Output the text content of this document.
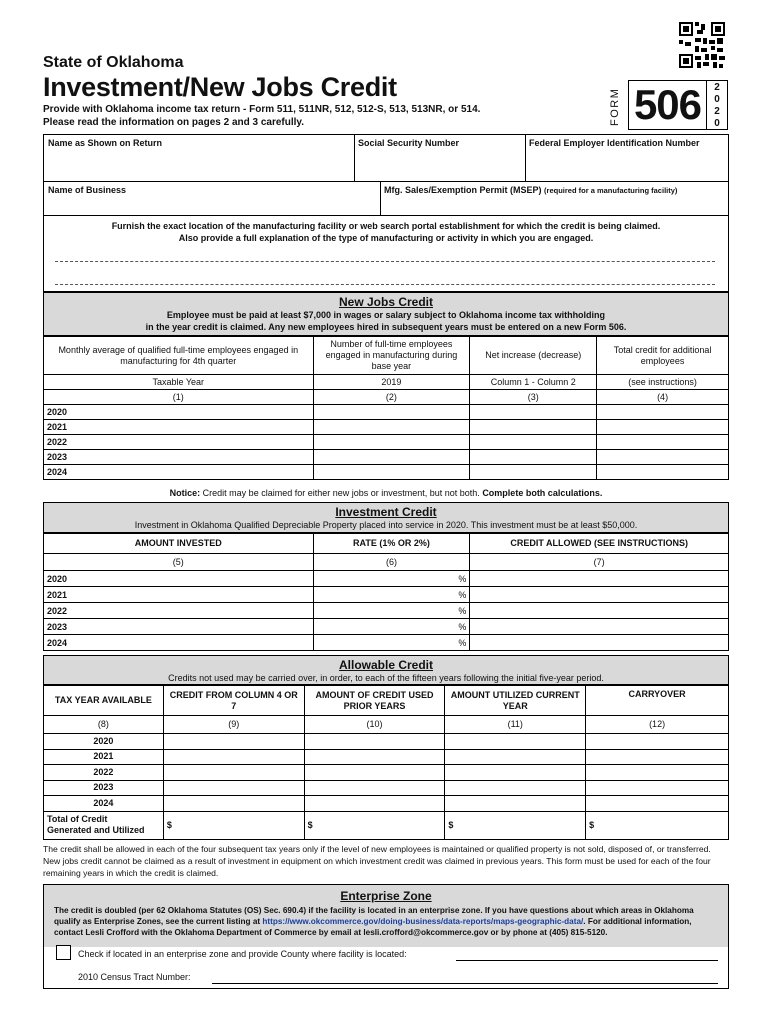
State of Oklahoma
Investment/New Jobs Credit
Provide with Oklahoma income tax return - Form 511, 511NR, 512, 512-S, 513, 513NR, or 514.
Please read the information on pages 2 and 3 carefully.	FORM 506	2
0
2
0
Name as Shown on Return	Social Security Number	Federal Employer Identification Number
Name of Business	Mfg. Sales/Exemption Permit (MSEP) (required for a manufacturing facility)
Furnish the exact location of the manufacturing facility or web search portal establishment for which the credit is being claimed.
Also provide a full explanation of the type of manufacturing or activity in which you are engaged.
New Jobs Credit
Employee must be paid at least $7,000 in wages or salary subject to Oklahoma income tax withholding
in the year credit is claimed. Any new employees hired in subsequent years must be entered on a new Form 506.
Monthly average of qualified full-time employees engaged in manufacturing for 4th quarter	Number of full-time employees engaged in manufacturing during base year	Net increase (decrease)	Total credit for additional employees
Taxable Year	2019	Column 1 - Column 2	(see instructions)
(1)	(2)	(3)	(4)
2020			
2021			
2022			
2023			
2024			
Notice: Credit may be claimed for either new jobs or investment, but not both. Complete both calculations.
Investment Credit
Investment in Oklahoma Qualified Depreciable Property placed into service in 2020. This investment must be at least $50,000.
AMOUNT INVESTED	RATE (1% OR 2%)	CREDIT ALLOWED (SEE INSTRUCTIONS)
(5)	(6)	(7)
2020	%	
2021	%	
2022	%	
2023	%	
2024	%	
Allowable Credit
Credits not used may be carried over, in order, to each of the fifteen years following the initial five-year period.
TAX YEAR AVAILABLE	CREDIT FROM COLUMN 4 OR 7	AMOUNT OF CREDIT USED PRIOR YEARS	AMOUNT UTILIZED CURRENT YEAR	CARRYOVER
(8)	(9)	(10)	(11)	(12)
2020				
2021				
2022				
2023				
2024				

Total of Credit
Generated and Utilized	$	$	$	$
The credit shall be allowed in each of the four subsequent tax years only if the level of new employees is maintained or qualified property is not sold, disposed of, or transferred. New jobs credit cannot be claimed as a result of investment in equipment on which investment credit was claimed in previous years. This form must be used for each of the four remaining years in which the credit is claimed.
Enterprise Zone
The credit is doubled (per 62 Oklahoma Statutes (OS) Sec. 690.4) if the facility is located in an enterprise zone. If you have questions about which areas in Oklahoma qualify as Enterprise Zones, see the current listing at https://www.okcommerce.gov/doing-business/data-reports/maps-geographic-data/. For additional information, contact Lesli Crofford with the Oklahoma Department of Commerce by email at lesli.crofford@okcommerce.gov or by phone at (405) 815-5120.
Check if located in an enterprise zone and provide County where facility is located:
2010 Census Tract Number:
